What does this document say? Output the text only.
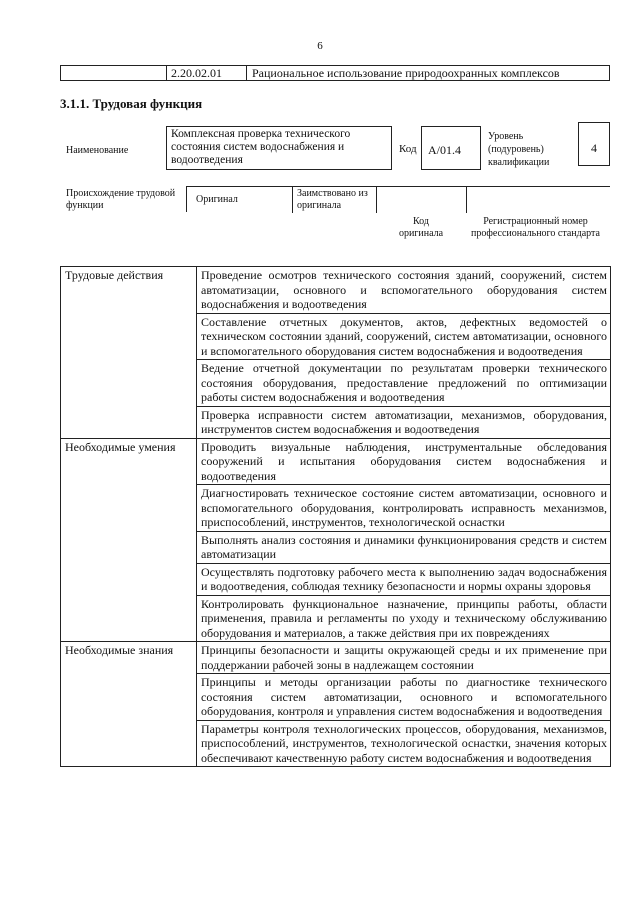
6
2.20.02.01	Рациональное использование природоохранных комплексов
3.1.1. Трудовая функция
Наименование
Комплексная проверка технического состояния систем водоснабжения и водоотведения
Код A/01.4
Уровень (подуровень) квалификации
4
Происхождение трудовой функции
Оригинал
Заимствовано из оригинала
Код оригинала
Регистрационный номер профессионального стандарта
Трудовые действия	Проведение осмотров технического состояния зданий, сооружений, систем автоматизации, основного и вспомогательного оборудования систем водоснабжения и водоотведения
	Составление отчетных документов, актов, дефектных ведомостей о техническом состоянии зданий, сооружений, систем автоматизации, основного и вспомогательного оборудования систем водоснабжения и водоотведения
	Ведение отчетной документации по результатам проверки технического состояния оборудования, предоставление предложений по оптимизации работы систем водоснабжения и водоотведения
	Проверка исправности систем автоматизации, механизмов, оборудования, инструментов систем водоснабжения и водоотведения
Необходимые умения	Проводить визуальные наблюдения, инструментальные обследования сооружений и испытания оборудования систем водоснабжения и водоотведения
	Диагностировать техническое состояние систем автоматизации, основного и вспомогательного оборудования, контролировать исправность механизмов, приспособлений, инструментов, технологической оснастки
	Выполнять анализ состояния и динамики функционирования средств и систем автоматизации
	Осуществлять подготовку рабочего места к выполнению задач водоснабжения и водоотведения, соблюдая технику безопасности и нормы охраны здоровья
	Контролировать функциональное назначение, принципы работы, области применения, правила и регламенты по уходу и техническому обслуживанию оборудования и материалов, а также действия при их повреждениях
Необходимые знания	Принципы безопасности и защиты окружающей среды и их применение при поддержании рабочей зоны в надлежащем состоянии
	Принципы и методы организации работы по диагностике технического состояния систем автоматизации, основного и вспомогательного оборудования, контроля и управления систем водоснабжения и водоотведения
	Параметры контроля технологических процессов, оборудования, механизмов, приспособлений, инструментов, технологической оснастки, значения которых обеспечивают качественную работу систем водоснабжения и водоотведения
